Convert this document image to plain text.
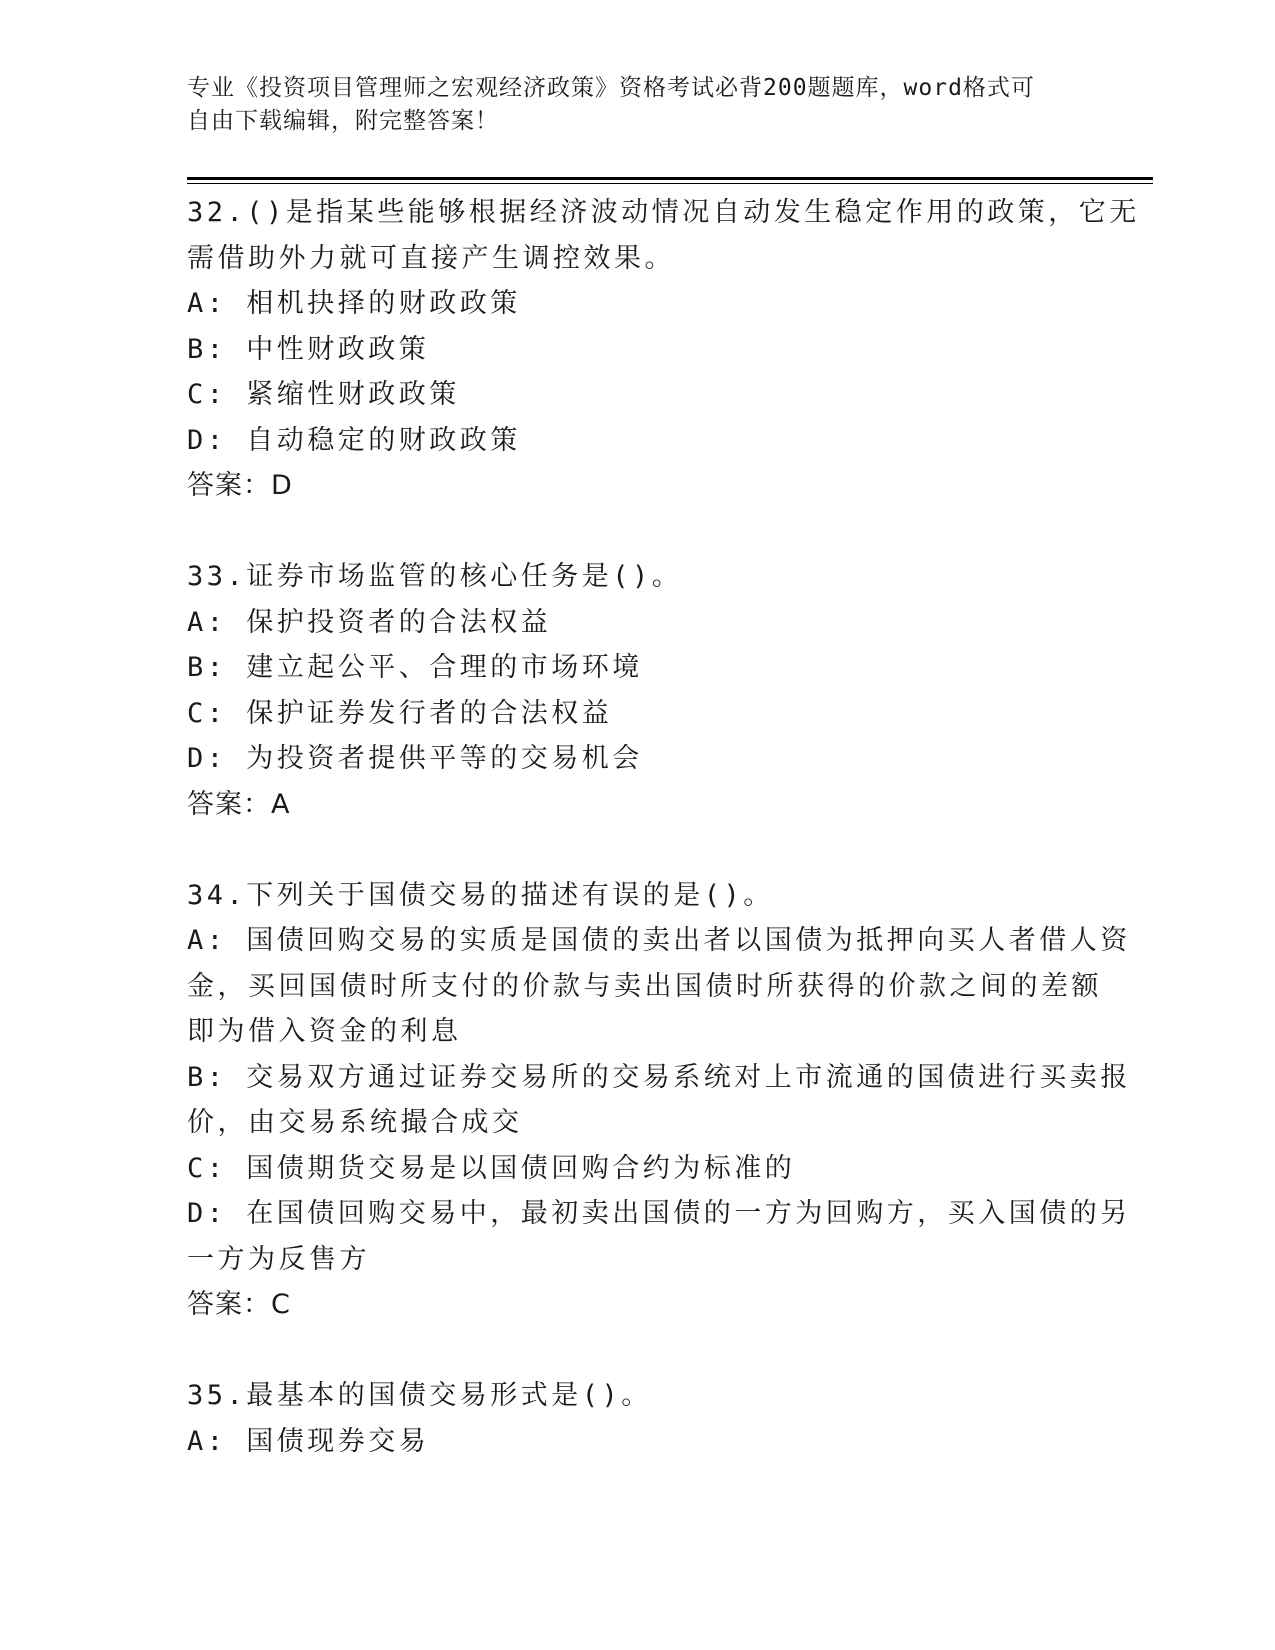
专业《投资项目管理师之宏观经济政策》资格考试必背200题题库，word格式可
自由下载编辑，附完整答案！
32.()是指某些能够根据经济波动情况自动发生稳定作用的政策，它无
需借助外力就可直接产生调控效果。
A: 相机抉择的财政政策
B: 中性财政政策
C: 紧缩性财政政策
D: 自动稳定的财政政策
答案：D
33.证券市场监管的核心任务是()。
A: 保护投资者的合法权益
B: 建立起公平、合理的市场环境
C: 保护证券发行者的合法权益
D: 为投资者提供平等的交易机会
答案：A
34.下列关于国债交易的描述有误的是()。
A: 国债回购交易的实质是国债的卖出者以国债为抵押向买人者借人资
金，买回国债时所支付的价款与卖出国债时所获得的价款之间的差额
即为借入资金的利息
B: 交易双方通过证券交易所的交易系统对上市流通的国债进行买卖报
价，由交易系统撮合成交
C: 国债期货交易是以国债回购合约为标准的
D: 在国债回购交易中，最初卖出国债的一方为回购方，买入国债的另
一方为反售方
答案：C
35.最基本的国债交易形式是()。
A: 国债现券交易
